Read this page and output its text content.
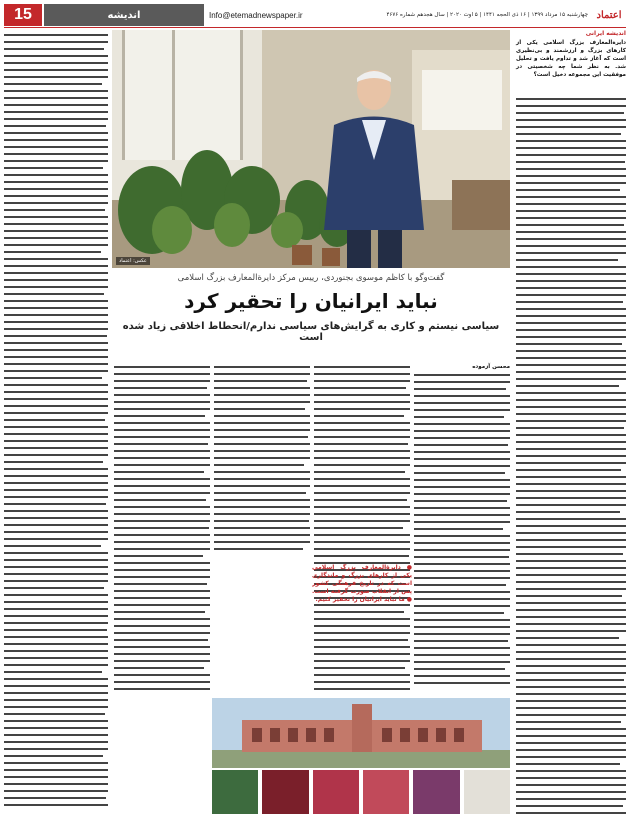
15	اندیشه	Info@etemadnewspaper.ir	چهارشنبه ۱۵ مرداد ۱۳۹۹ | ۱۶ ذی الحجه ۱۴۴۱ | ۵ اوت ۲۰۲۰ | سال هجدهم شماره ۴۶۷۶ اعتماد
اندیشه ایرانی
دایرةالمعارف بزرگ اسلامی یکی از کارهای بزرگ و ارزشمند و بی‌نظیری است که آغاز شد و تداوم یافت و تحلیل شد. به نظر شما چه شخصیتی در موفقیت این مجموعه دخیل است؟

عکس: اعتماد
گفت‌وگو با کاظم موسوی بجنوردی، رییس مرکز دایرةالمعارف بزرگ اسلامی
نباید ایرانیان را تحقیر کرد
سیاسی نیستم و کاری به گرایش‌های سیاسی ندارم/انحطاط اخلاقی زیاد شده است
محسن آزموده
● دایرةالمعارف بزرگ اسلامی یکی از کارهای بزرگ و ماندگاری است که در تاریخ فرهنگی کشور پس از انقلاب صورت گرفته است. ● ما نباید ایرانیان را تحقیر کنیم.
